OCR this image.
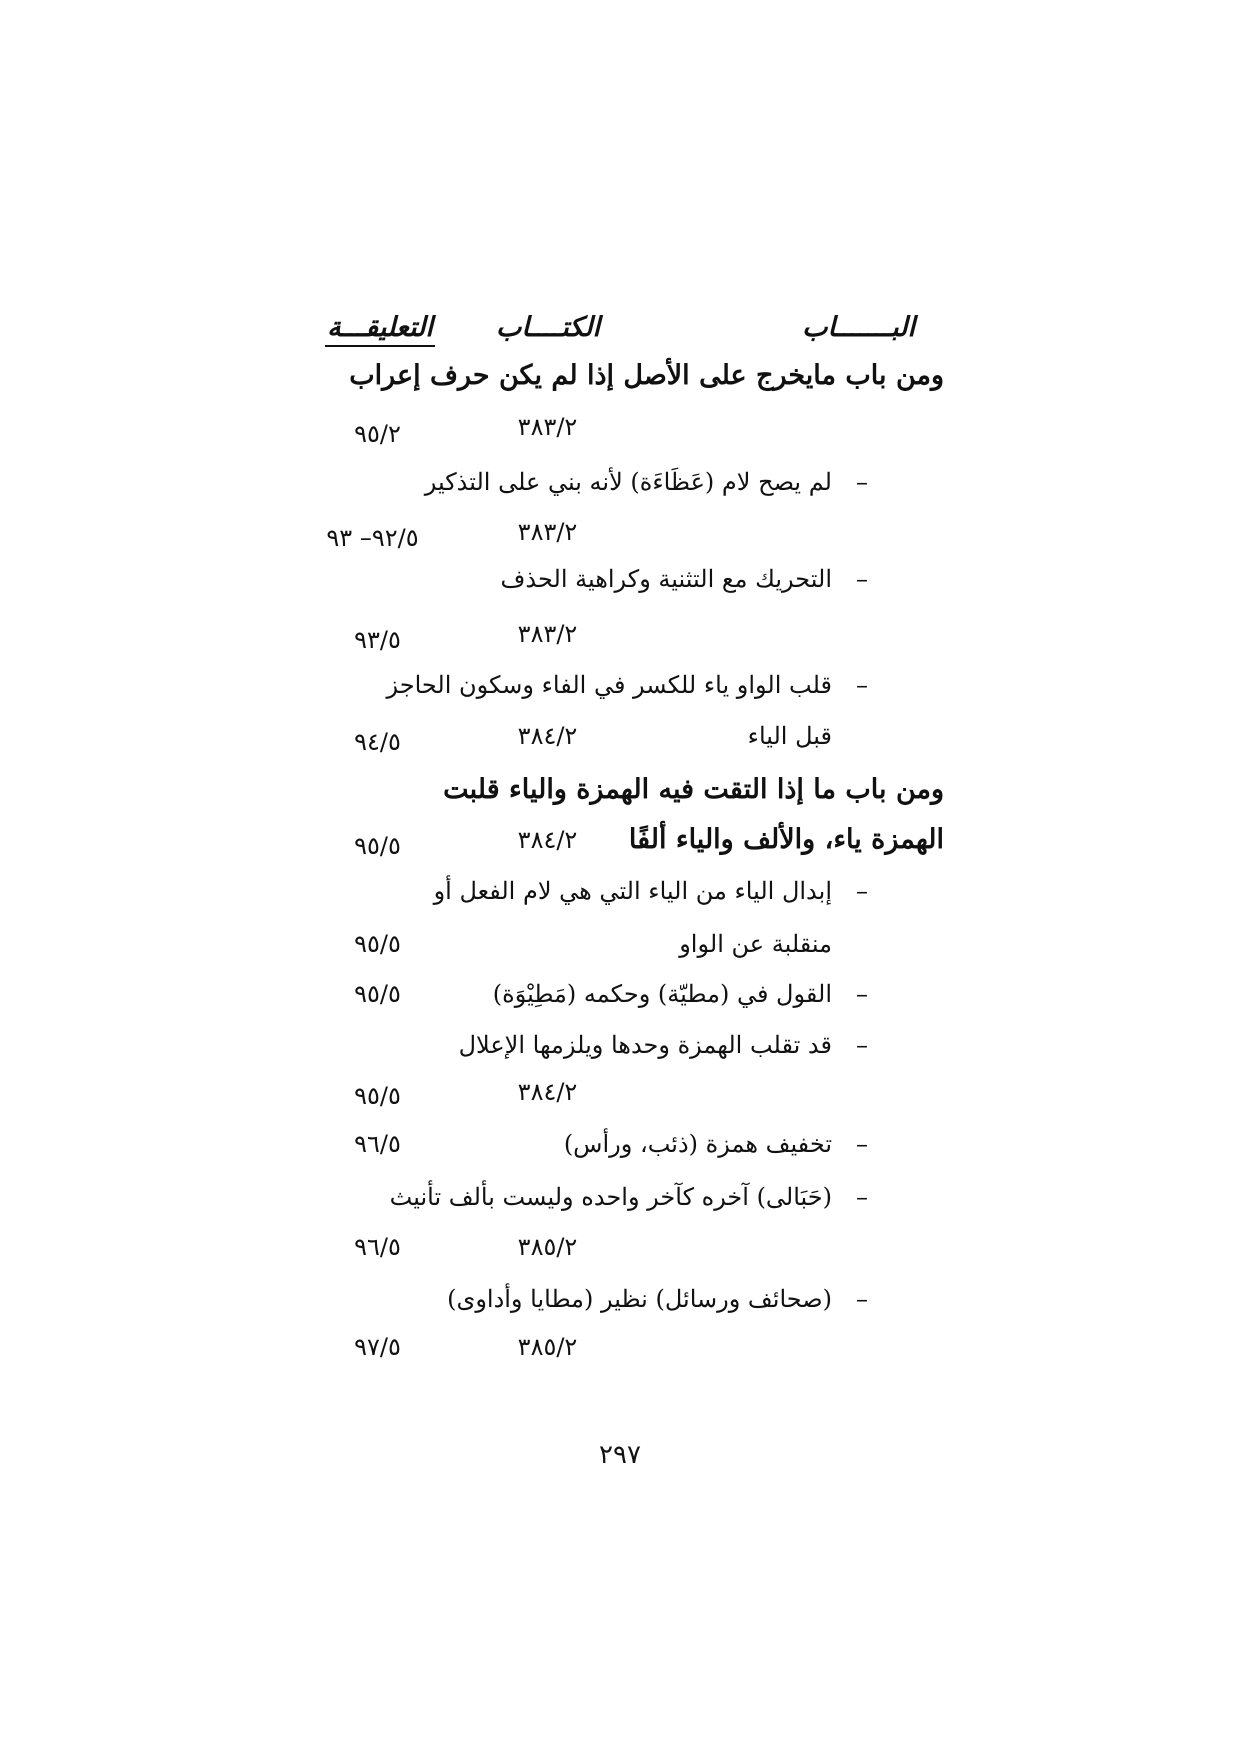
البـــــــاب
الكتــــاب
التعليقـــة
ومن باب مايخرج على الأصل إذا لم يكن حرف إعراب
٣٨٣/٢
٩٥/٢
–
لم يصح لام (عَظَاءَة) لأنه بني على التذكير
٣٨٣/٢
٩٢/٥– ٩٣
–
التحريك مع التثنية وكراهية الحذف
٣٨٣/٢
٩٣/٥
–
قلب الواو ياء للكسر في الفاء وسكون الحاجز
قبل الياء
٣٨٤/٢
٩٤/٥
ومن باب ما إذا التقت فيه الهمزة والياء قلبت
الهمزة ياء، والألف والياء ألفًا
٣٨٤/٢
٩٥/٥
–
إبدال الياء من الياء التي هي لام الفعل أو
منقلبة عن الواو
٩٥/٥
–
القول في (مطيّة) وحكمه (مَطِيْوَة)
٩٥/٥
–
قد تقلب الهمزة وحدها ويلزمها الإعلال
٣٨٤/٢
٩٥/٥
–
تخفيف همزة (ذئب، ورأس)
٩٦/٥
–
(حَبَالى) آخره كآخر واحده وليست بألف تأنيث
٣٨٥/٢
٩٦/٥
–
(صحائف ورسائل) نظير (مطايا وأداوى)
٣٨٥/٢
٩٧/٥
٢٩٧
